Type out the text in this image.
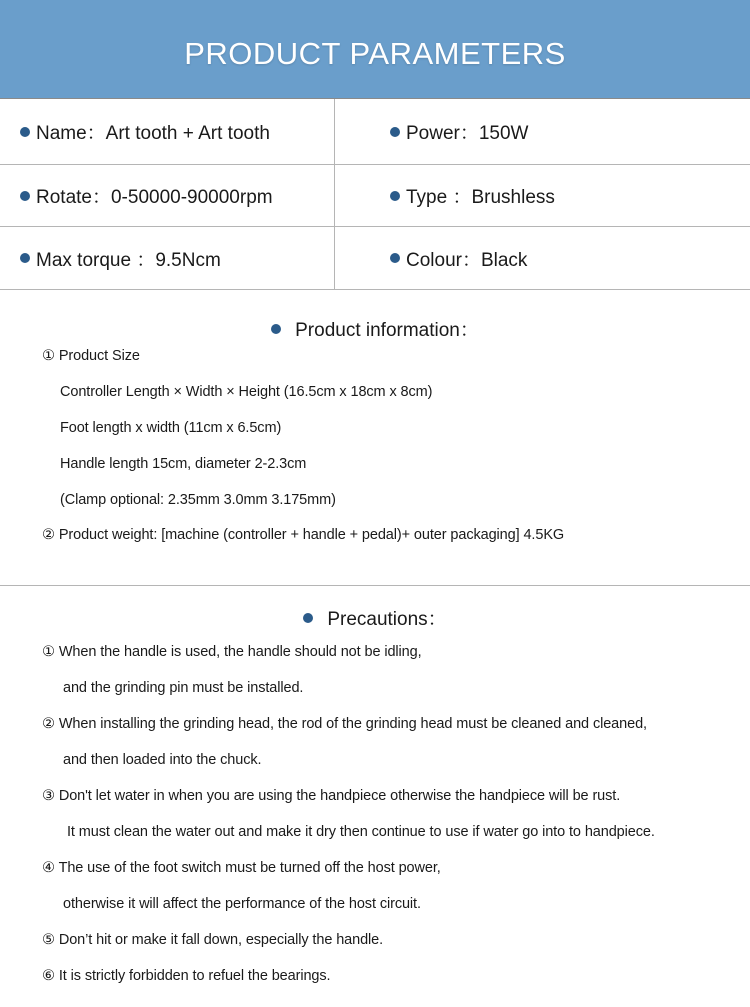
PRODUCT PARAMETERS
Name：Art tooth + Art tooth	Power：150W
Rotate：0-50000-90000rpm	Type ：Brushless
Max torque ：9.5Ncm	Colour：Black
Product information：
① Product Size
Controller Length × Width × Height (16.5cm x 18cm x 8cm)
Foot length x width (11cm x 6.5cm)
Handle length 15cm, diameter 2-2.3cm
(Clamp optional: 2.35mm 3.0mm 3.175mm)
② Product weight: [machine (controller + handle + pedal)+ outer packaging] 4.5KG
Precautions：
① When the handle is used, the handle should not be idling,
and the grinding pin must be installed.
② When installing the grinding head, the rod of the grinding head must be cleaned and cleaned,
and then loaded into the chuck.
③ Don't let water in when you are using the handpiece otherwise the handpiece will be rust.
It must clean the water out and make it dry then continue to use if water go into to handpiece.
④ The use of the foot switch must be turned off the host power,
otherwise it will affect the performance of the host circuit.
⑤ Don’t hit or make it fall down, especially the handle.
⑥ It is strictly forbidden to refuel the bearings.
